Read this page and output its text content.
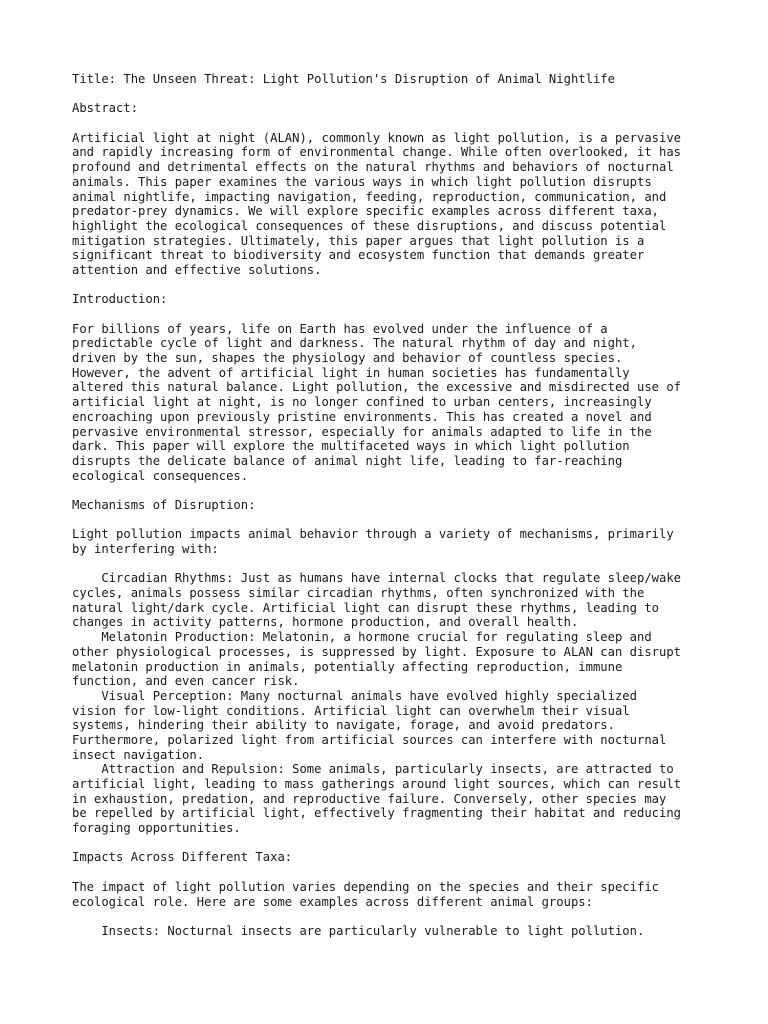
Title: The Unseen Threat: Light Pollution's Disruption of Animal Nightlife
Abstract:
Artificial light at night (ALAN), commonly known as light pollution, is a pervasive
and rapidly increasing form of environmental change. While often overlooked, it has
profound and detrimental effects on the natural rhythms and behaviors of nocturnal
animals. This paper examines the various ways in which light pollution disrupts
animal nightlife, impacting navigation, feeding, reproduction, communication, and
predator-prey dynamics. We will explore specific examples across different taxa,
highlight the ecological consequences of these disruptions, and discuss potential
mitigation strategies. Ultimately, this paper argues that light pollution is a
significant threat to biodiversity and ecosystem function that demands greater
attention and effective solutions.
Introduction:
For billions of years, life on Earth has evolved under the influence of a
predictable cycle of light and darkness. The natural rhythm of day and night,
driven by the sun, shapes the physiology and behavior of countless species.
However, the advent of artificial light in human societies has fundamentally
altered this natural balance. Light pollution, the excessive and misdirected use of
artificial light at night, is no longer confined to urban centers, increasingly
encroaching upon previously pristine environments. This has created a novel and
pervasive environmental stressor, especially for animals adapted to life in the
dark. This paper will explore the multifaceted ways in which light pollution
disrupts the delicate balance of animal night life, leading to far-reaching
ecological consequences.
Mechanisms of Disruption:
Light pollution impacts animal behavior through a variety of mechanisms, primarily
by interfering with:
Circadian Rhythms: Just as humans have internal clocks that regulate sleep/wake
cycles, animals possess similar circadian rhythms, often synchronized with the
natural light/dark cycle. Artificial light can disrupt these rhythms, leading to
changes in activity patterns, hormone production, and overall health.
Melatonin Production: Melatonin, a hormone crucial for regulating sleep and
other physiological processes, is suppressed by light. Exposure to ALAN can disrupt
melatonin production in animals, potentially affecting reproduction, immune
function, and even cancer risk.
Visual Perception: Many nocturnal animals have evolved highly specialized
vision for low-light conditions. Artificial light can overwhelm their visual
systems, hindering their ability to navigate, forage, and avoid predators.
Furthermore, polarized light from artificial sources can interfere with nocturnal
insect navigation.
Attraction and Repulsion: Some animals, particularly insects, are attracted to
artificial light, leading to mass gatherings around light sources, which can result
in exhaustion, predation, and reproductive failure. Conversely, other species may
be repelled by artificial light, effectively fragmenting their habitat and reducing
foraging opportunities.
Impacts Across Different Taxa:
The impact of light pollution varies depending on the species and their specific
ecological role. Here are some examples across different animal groups:
Insects: Nocturnal insects are particularly vulnerable to light pollution.
